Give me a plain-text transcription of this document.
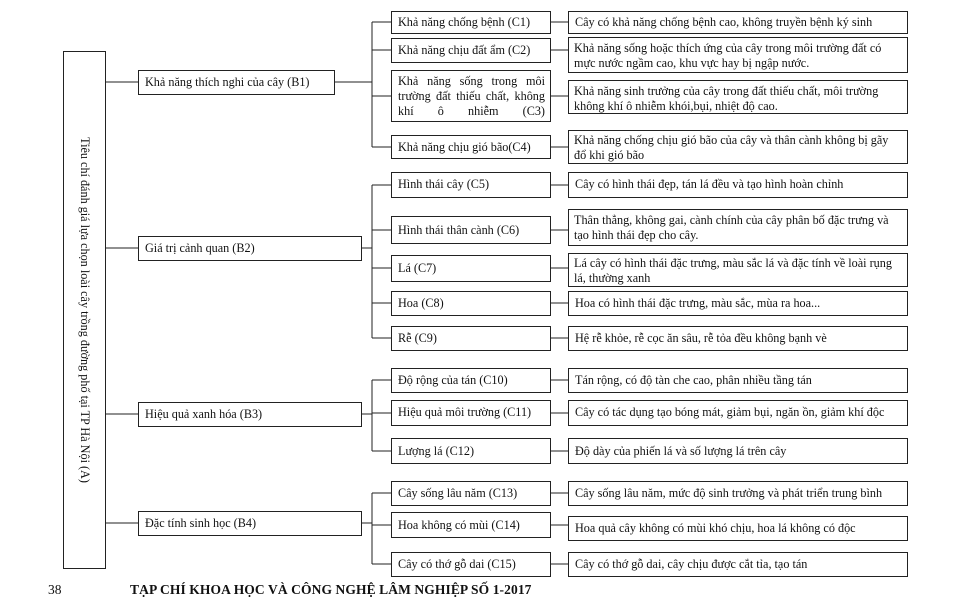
Tiêu chí đánh giá lựa chọn loài cây trồng đường phố tại TP Hà Nội (A)
Khả năng thích nghi của cây (B1)
Giá trị cảnh quan (B2)
Hiệu quả xanh hóa (B3)
Đặc tính sinh học (B4)
Khả năng chống bệnh (C1)
Khả năng chịu đất ẩm (C2)
Khả năng sống trong môi trường đất thiếu chất, không khí ô nhiễm (C3)
Khả năng chịu gió bão(C4)
Hình thái cây (C5)
Hình thái thân cành (C6)
Lá (C7)
Hoa (C8)
Rễ (C9)
Độ rộng của tán (C10)
Hiệu quả môi trường (C11)
Lượng lá (C12)
Cây sống lâu năm (C13)
Hoa không có mùi (C14)
Cây có thớ gỗ dai (C15)
Cây có khả năng chống bệnh cao, không truyền bệnh ký sinh
Khả năng sống hoặc thích ứng của cây trong môi trường đất có mực nước ngầm cao, khu vực hay bị ngập nước.
Khả năng sinh trưởng của cây trong đất thiếu chất, môi trường không khí ô nhiễm khói,bụi, nhiệt độ cao.
Khả năng chống chịu gió bão của cây và thân cành không bị gãy đổ khi gió bão
Cây có hình thái đẹp, tán lá đều và tạo hình hoàn chỉnh
Thân thẳng, không gai, cành chính của cây phân bố đặc trưng và tạo hình thái đẹp cho cây.
Lá cây có hình thái đặc trưng, màu sắc lá và đặc tính về loài rụng lá, thường xanh
Hoa có hình thái đặc trưng, màu sắc, mùa ra hoa...
Hệ rễ khỏe, rễ cọc ăn sâu, rễ tỏa đều không bạnh vè
Tán rộng, có độ tàn che cao, phân nhiều tầng tán
Cây có tác dụng tạo bóng mát, giảm bụi, ngăn ồn, giảm khí độc
Độ dày của phiến lá và số lượng lá trên cây
Cây sống lâu năm, mức độ sinh trưởng và phát triển trung bình
Hoa quả cây không có mùi khó chịu, hoa lá không có độc
Cây có thớ gỗ dai, cây chịu được cắt tỉa, tạo tán
38	TẠP CHÍ KHOA HỌC VÀ CÔNG NGHỆ LÂM NGHIỆP SỐ 1-2017
